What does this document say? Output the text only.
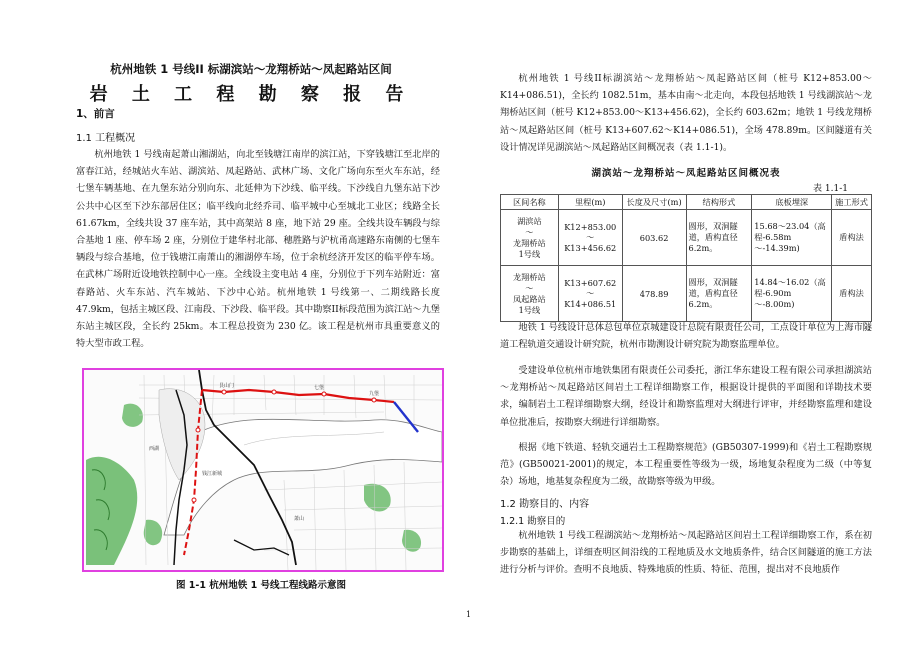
杭州地铁 1 号线II 标湖滨站～龙翔桥站～凤起路站区间
岩 土 工 程 勘 察 报 告
1、前言
1.1 工程概况

杭州地铁 1 号线南起萧山湘湖站，向北至钱塘江南岸的滨江站，下穿钱塘江至北岸的富春江站，经城站火车站、湖滨站、凤起路站、武林广场、文化广场向东至火车东站，经七堡车辆基地、在九堡东站分别向东、北延伸为下沙线、临平线。下沙线自九堡东站下沙公共中心区至下沙东部居住区；临平线向北经乔司、临平城中心至城北工业区；线路全长 61.67km，全线共设 37 座车站，其中高架站 8 座，地下站 29 座。全线共设车辆段与综合基地 1 座、停车场 2 座，分别位于建华村北部、穗胜路与沪杭甬高速路东南侧的七堡车辆段与综合基地，位于钱塘江南萧山的湘湖停车场，位于余杭经济开发区的临平停车场。在武林广场附近设地铁控制中心一座。全线设主变电站 4 座，分别位于下列车站附近：富春路站、火车东站、汽车城站、下沙中心站。杭州地铁 1 号线第一、二期线路长度 47.9km，包括主城区段、江南段、下沙段、临平段。其中勘察II标段范围为滨江站～九堡东站主城区段，全长约 25km。本工程总投资为 230 亿。该工程是杭州市具重要意义的特大型市政工程。

艮山门	七堡
九堡
钱江新城
萧山
西湖
图 1-1 杭州地铁 1 号线工程线路示意图

杭州地铁 1 号线II标湖滨站～龙翔桥站～凤起路站区间（桩号 K12+853.00～K14+086.51)，全长约 1082.51m，基本由南～北走向，本段包括地铁 1 号线湖滨站～龙翔桥站区间（桩号 K12+853.00～K13+456.62)，全长约 603.62m；地铁 1 号线龙翔桥站～凤起路站区间（桩号 K13+607.62～K14+086.51)，全场 478.89m。区间隧道有关设计情况详见湖滨站～凤起路站区间概况表（表 1.1-1)。

湖滨站～龙翔桥站～凤起路站区间概况表
表 1.1-1
区间名称	里程(m)	长度及尺寸(m)	结构形式	底板埋深	施工形式
湖滨站
～
龙翔桥站
1号线	K12+853.00
～
K13+456.62	603.62	圆形，双洞隧道，盾构直径6.2m。	15.68～23.04（高程-6.58m～-14.39m)	盾构法
龙翔桥站
～
凤起路站
1号线	K13+607.62
～
K14+086.51	478.89	圆形，双洞隧道，盾构直径6.2m。	14.84～16.02（高程-6.90m～-8.00m)	盾构法

地铁 1 号线设计总体总包单位京城建设计总院有限责任公司，工点设计单位为上海市隧道工程轨道交通设计研究院，杭州市勘测设计研究院为勘察监理单位。

受建设单位杭州市地铁集团有限责任公司委托，浙江华东建设工程有限公司承担湖滨站～龙翔桥站～凤起路站区间岩土工程详细勘察工作，根据设计提供的平面图和详勘技术要求，编制岩土工程详细勘察大纲，经设计和勘察监理对大纲进行评审，并经勘察监理和建设单位批准后，按勘察大纲进行详细勘察。

根据《地下铁道、轻轨交通岩土工程勘察规范》(GB50307-1999)和《岩土工程勘察规范》(GB50021-2001)的规定，本工程重要性等级为一级，场地复杂程度为二级（中等复杂）场地，地基复杂程度为二级，故勘察等级为甲级。

1.2 勘察目的、内容
1.2.1 勘察目的

杭州地铁 1 号线工程湖滨站～龙翔桥站～凤起路站区间岩土工程详细勘察工作，系在初步勘察的基础上，详细查明区间沿线的工程地质及水文地质条件，结合区间隧道的施工方法进行分析与评价。查明不良地质、特殊地质的性质、特征、范围，提出对不良地质作

1
